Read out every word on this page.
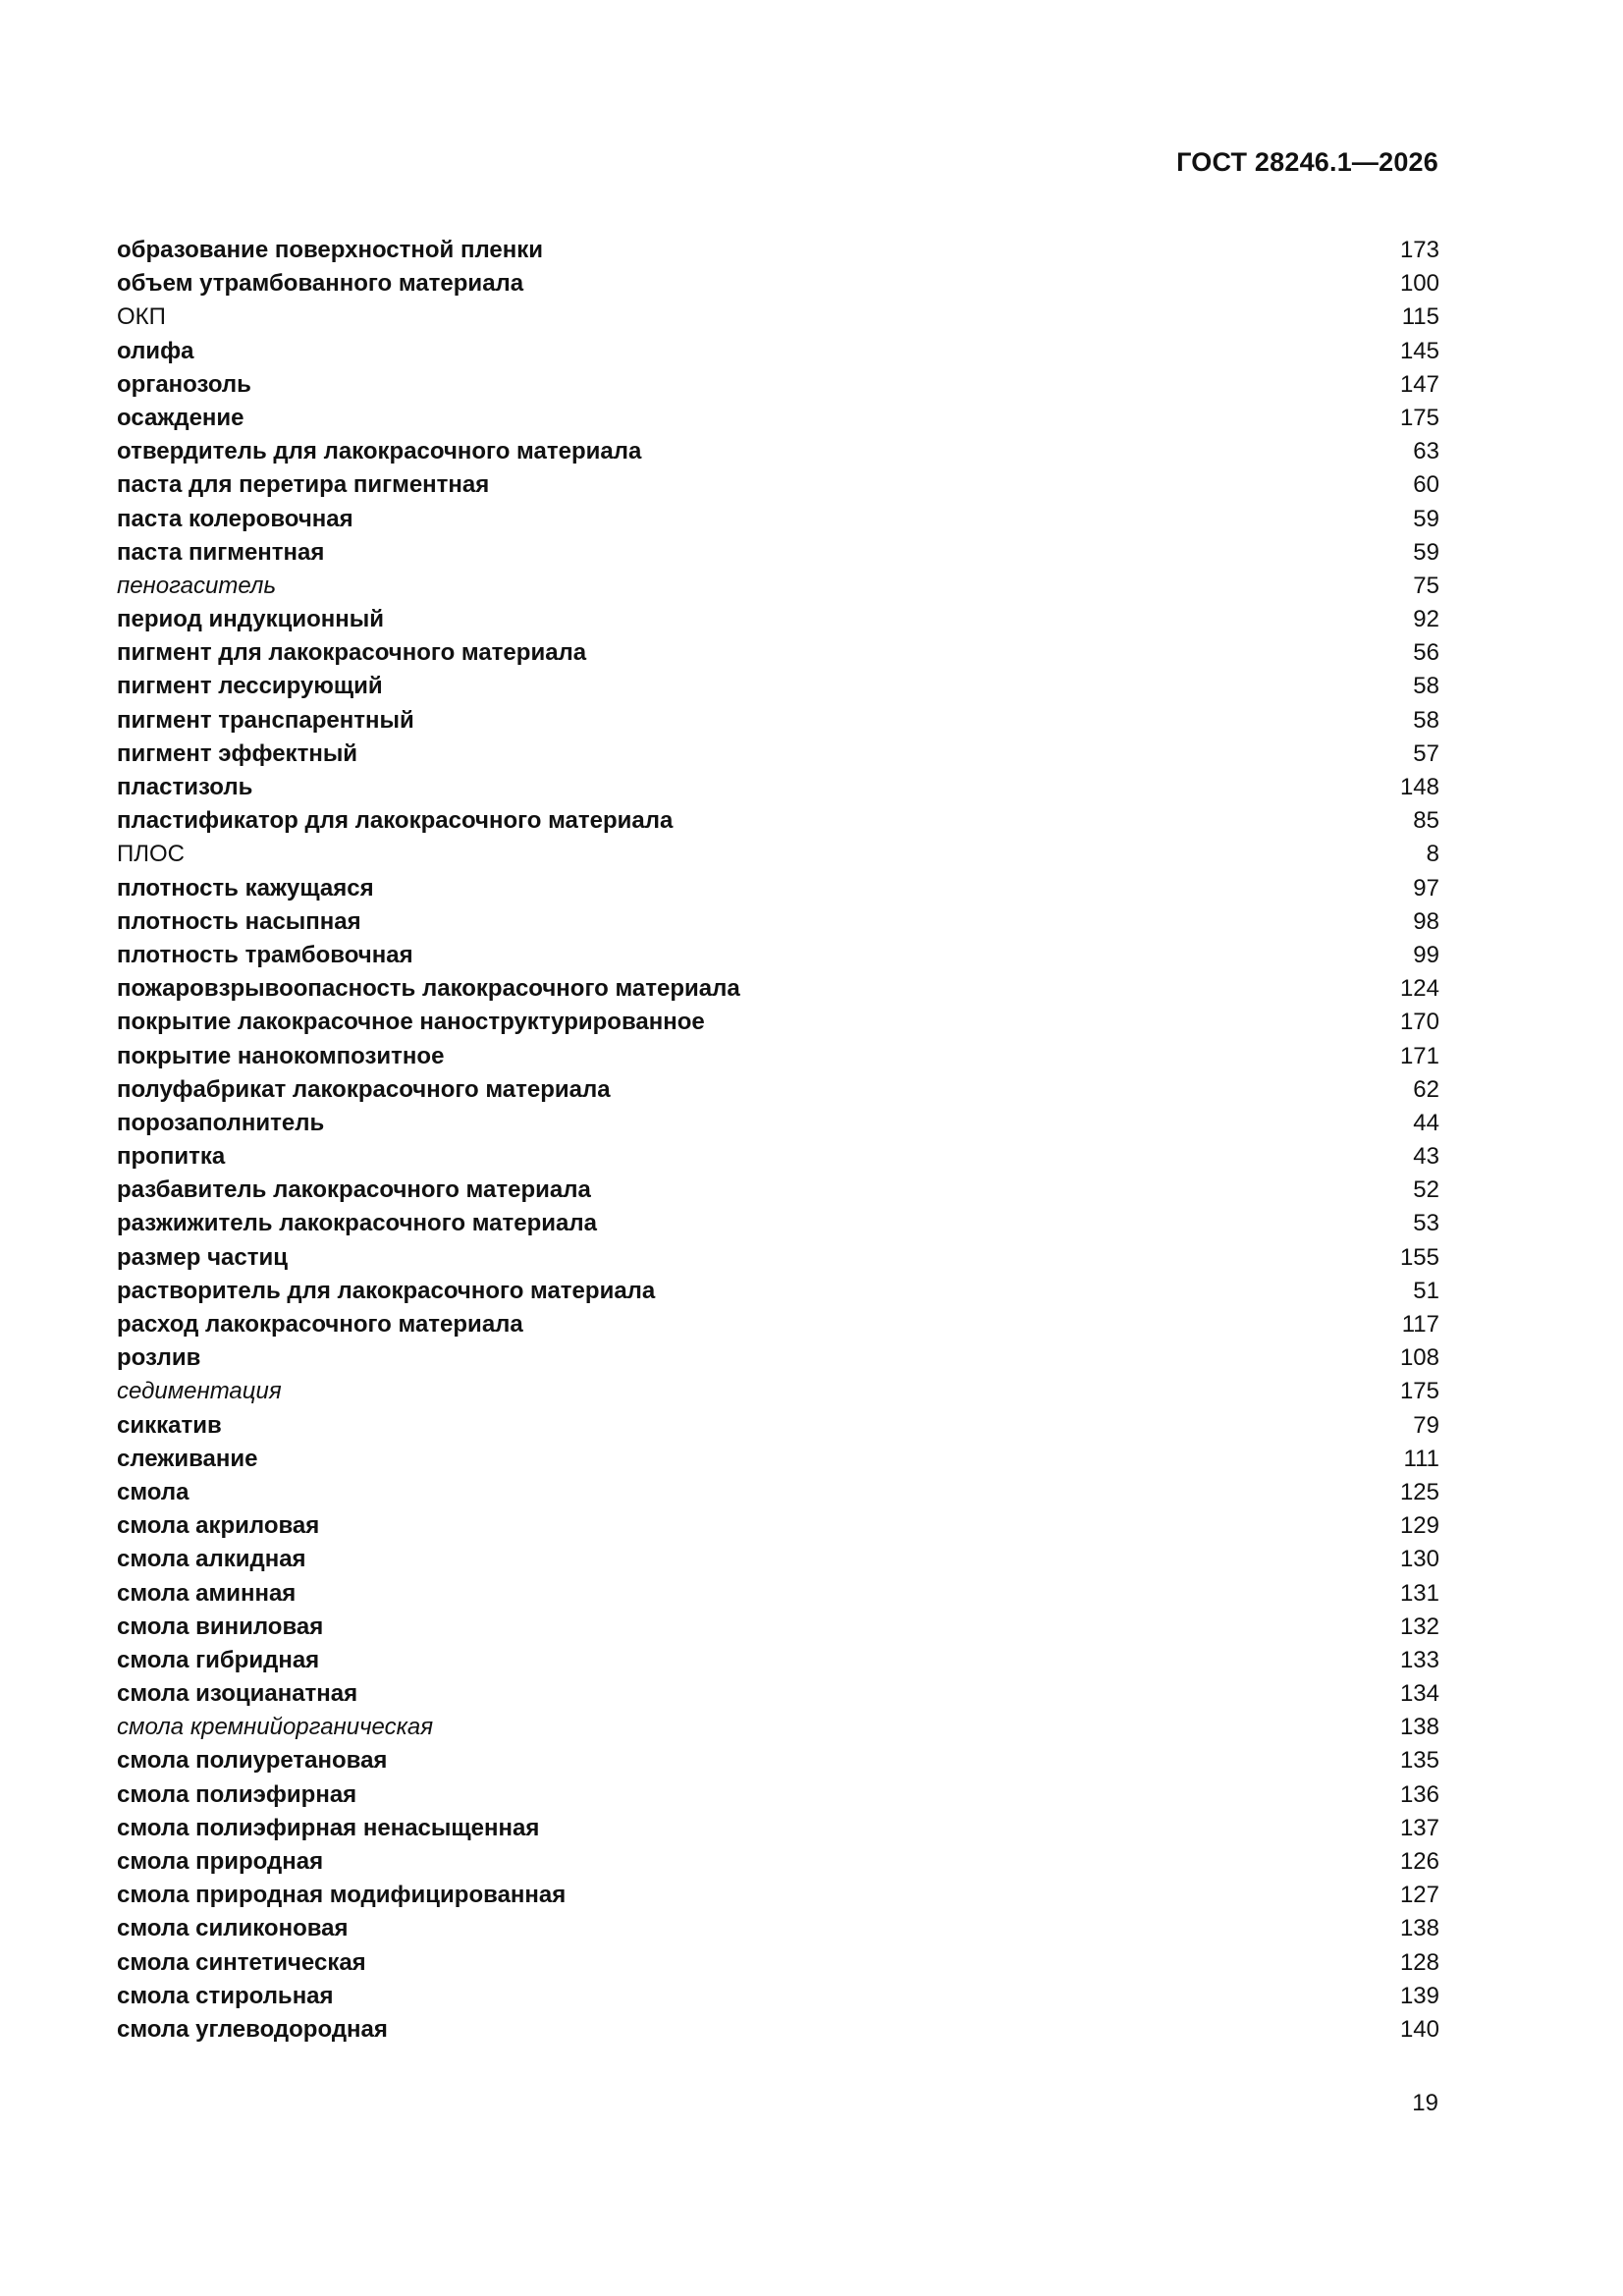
ГОСТ 28246.1—2026
образование поверхностной пленки	173
объем утрамбованного материала	100
ОКП	115
олифа	145
органозоль	147
осаждение	175
отвердитель для лакокрасочного материала	63
паста для перетира пигментная	60
паста колеровочная	59
паста пигментная	59
пеногаситель	75
период индукционный	92
пигмент для лакокрасочного материала	56
пигмент лессирующий	58
пигмент транспарентный	58
пигмент эффектный	57
пластизоль	148
пластификатор для лакокрасочного материала	85
ПЛОС	8
плотность кажущаяся	97
плотность насыпная	98
плотность трамбовочная	99
пожаровзрывоопасность лакокрасочного материала	124
покрытие лакокрасочное наноструктурированное	170
покрытие нанокомпозитное	171
полуфабрикат лакокрасочного материала	62
порозаполнитель	44
пропитка	43
разбавитель лакокрасочного материала	52
разжижитель лакокрасочного материала	53
размер частиц	155
растворитель для лакокрасочного материала	51
расход лакокрасочного материала	117
розлив	108
седиментация	175
сиккатив	79
слеживание	111
смола	125
смола акриловая	129
смола алкидная	130
смола аминная	131
смола виниловая	132
смола гибридная	133
смола изоцианатная	134
смола кремнийорганическая	138
смола полиуретановая	135
смола полиэфирная	136
смола полиэфирная ненасыщенная	137
смола природная	126
смола природная модифицированная	127
смола силиконовая	138
смола синтетическая	128
смола стирольная	139
смола углеводородная	140
19
